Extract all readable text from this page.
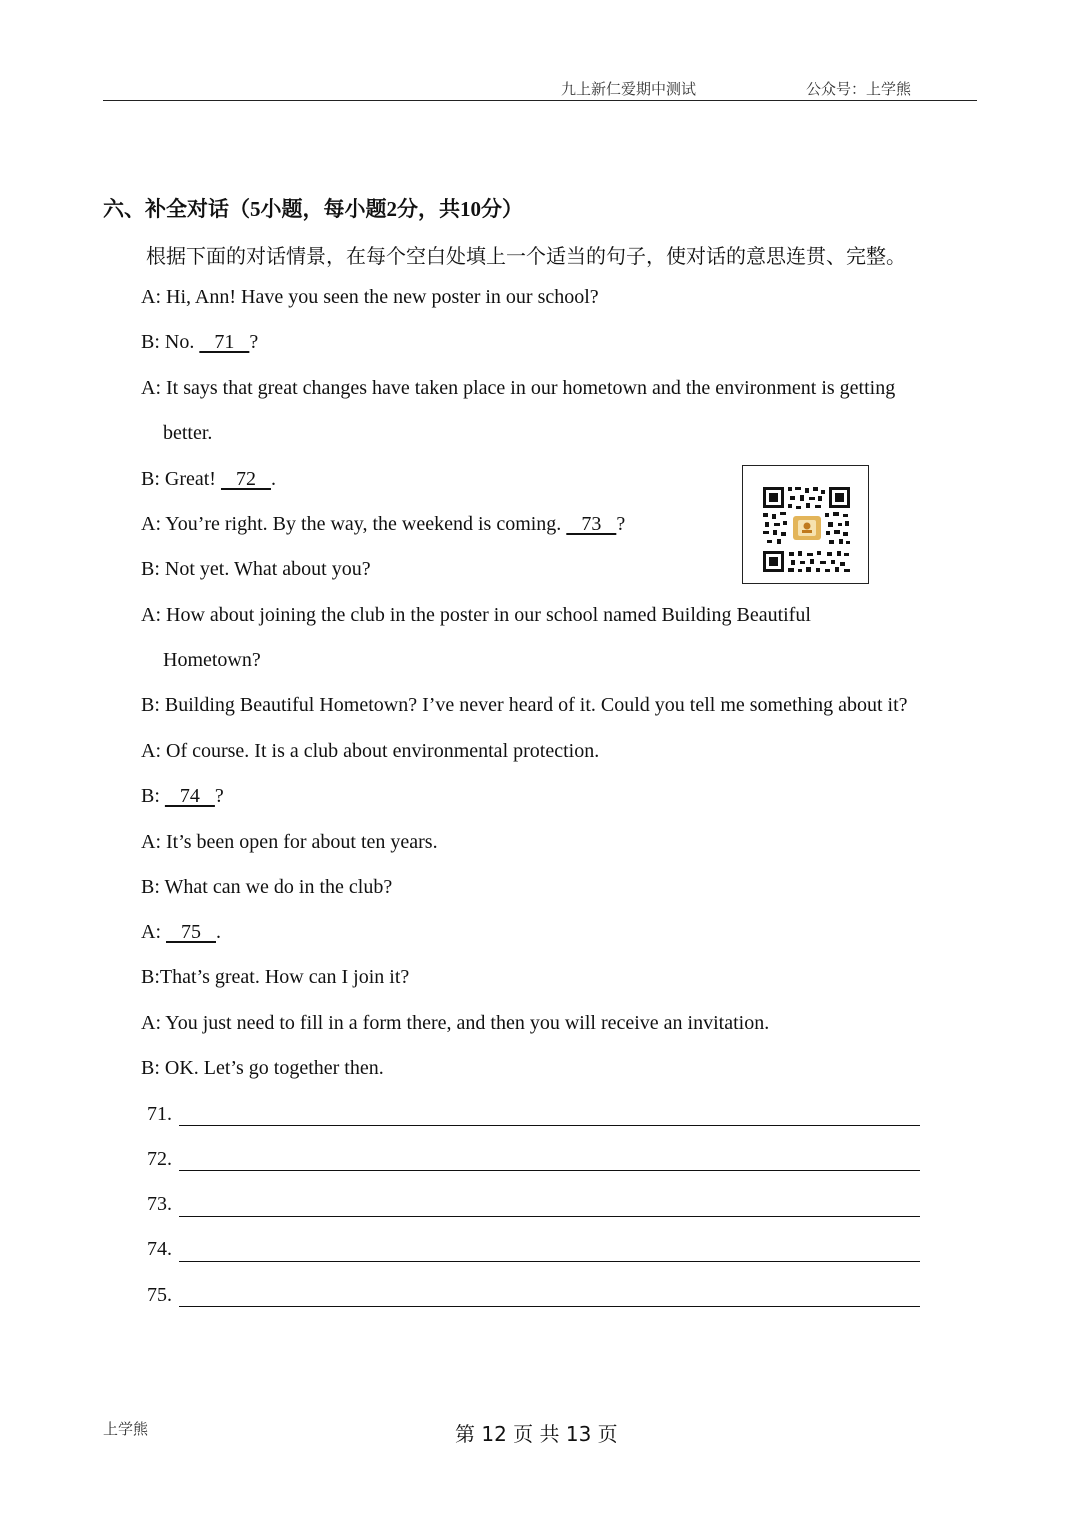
九上新仁爱期中测试	公众号：上学熊
六、补全对话（5小题，每小题2分，共10分）
根据下面的对话情景，在每个空白处填上一个适当的句子，使对话的意思连贯、完整。
A: Hi, Ann! Have you seen the new poster in our school?
B: No.    71   ?
A: It says that great changes have taken place in our hometown and the environment is getting
better.
B: Great!    72   .
A: You’re right. By the way, the weekend is coming.    73   ?
B: Not yet. What about you?
A: How about joining the club in the poster in our school named Building Beautiful
Hometown?
B: Building Beautiful Hometown? I’ve never heard of it. Could you tell me something about it?
A: Of course. It is a club about environmental protection.
B:    74   ?
A: It’s been open for about ten years.
B: What can we do in the club?
A:    75   .
B:That’s great. How can I join it?
A: You just need to fill in a form there, and then you will receive an invitation.
B: OK. Let’s go together then.
71.
72.
73.
74.
75.
上学熊	第 12 页 共 13 页
